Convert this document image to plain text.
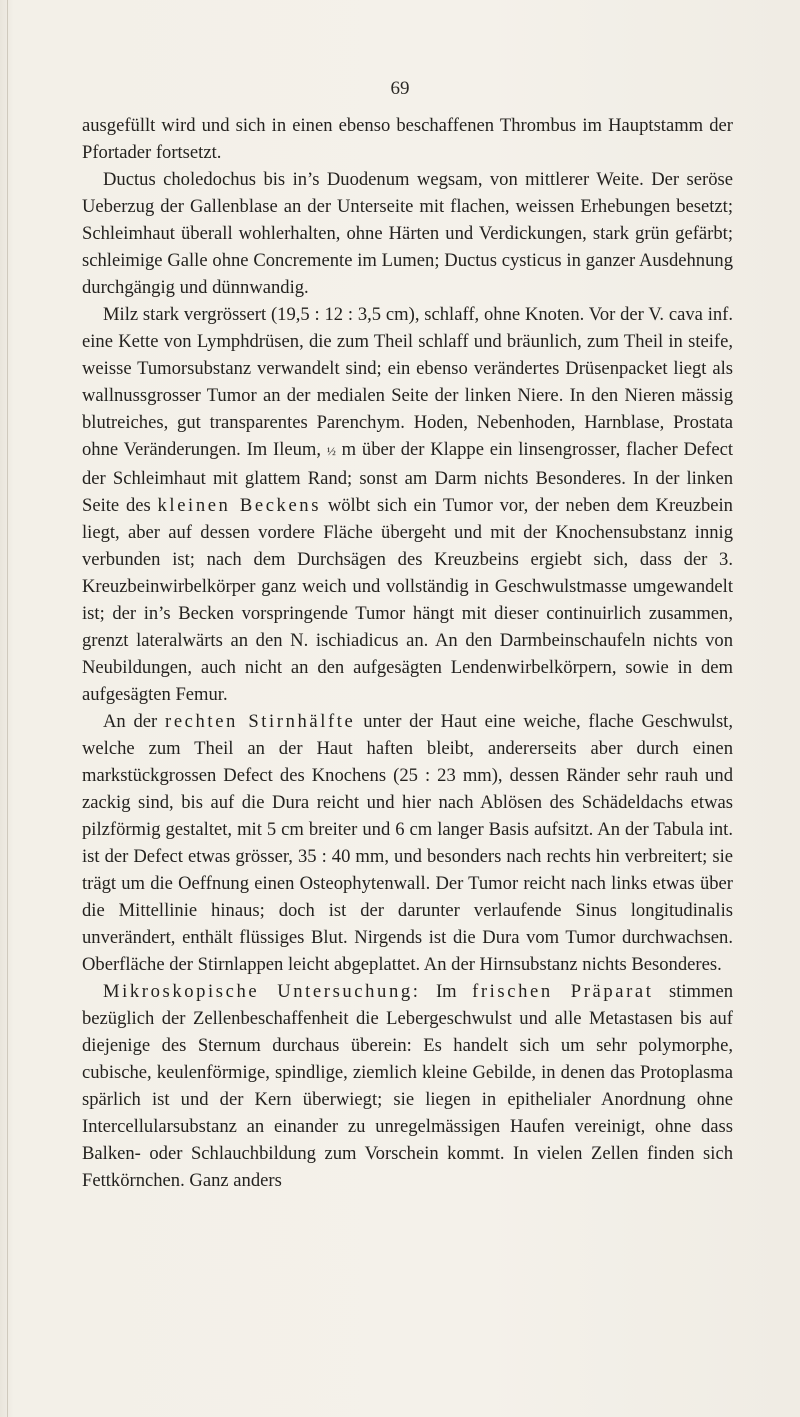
69

ausgefüllt wird und sich in einen ebenso beschaffenen Thrombus im Hauptstamm der Pfortader fortsetzt.

Ductus choledochus bis in’s Duodenum wegsam, von mittlerer Weite. Der seröse Ueberzug der Gallenblase an der Unterseite mit flachen, weissen Erhebungen besetzt; Schleimhaut überall wohlerhalten, ohne Härten und Verdickungen, stark grün gefärbt; schleimige Galle ohne Concremente im Lumen; Ductus cysticus in ganzer Ausdehnung durchgängig und dünnwandig.

Milz stark vergrössert (19,5 : 12 : 3,5 cm), schlaff, ohne Knoten. Vor der V. cava inf. eine Kette von Lymphdrüsen, die zum Theil schlaff und bräunlich, zum Theil in steife, weisse Tumorsubstanz verwandelt sind; ein ebenso verändertes Drüsenpacket liegt als wallnussgrosser Tumor an der medialen Seite der linken Niere. In den Nieren mässig blutreiches, gut transparentes Parenchym. Hoden, Nebenhoden, Harnblase, Prostata ohne Veränderungen. Im Ileum, ½ m über der Klappe ein linsengrosser, flacher Defect der Schleimhaut mit glattem Rand; sonst am Darm nichts Besonderes. In der linken Seite des kleinen Beckens wölbt sich ein Tumor vor, der neben dem Kreuzbein liegt, aber auf dessen vordere Fläche übergeht und mit der Knochensubstanz innig verbunden ist; nach dem Durchsägen des Kreuzbeins ergiebt sich, dass der 3. Kreuzbeinwirbelkörper ganz weich und vollständig in Geschwulstmasse umgewandelt ist; der in’s Becken vorspringende Tumor hängt mit dieser continuirlich zusammen, grenzt lateralwärts an den N. ischiadicus an. An den Darmbeinschaufeln nichts von Neubildungen, auch nicht an den aufgesägten Lendenwirbelkörpern, sowie in dem aufgesägten Femur.

An der rechten Stirnhälfte unter der Haut eine weiche, flache Geschwulst, welche zum Theil an der Haut haften bleibt, andererseits aber durch einen markstückgrossen Defect des Knochens (25 : 23 mm), dessen Ränder sehr rauh und zackig sind, bis auf die Dura reicht und hier nach Ablösen des Schädeldachs etwas pilzförmig gestaltet, mit 5 cm breiter und 6 cm langer Basis aufsitzt. An der Tabula int. ist der Defect etwas grösser, 35 : 40 mm, und besonders nach rechts hin verbreitert; sie trägt um die Oeffnung einen Osteophytenwall. Der Tumor reicht nach links etwas über die Mittellinie hinaus; doch ist der darunter verlaufende Sinus longitudinalis unverändert, enthält flüssiges Blut. Nirgends ist die Dura vom Tumor durchwachsen. Oberfläche der Stirnlappen leicht abgeplattet. An der Hirnsubstanz nichts Besonderes.

Mikroskopische Untersuchung: Im frischen Präparat stimmen bezüglich der Zellenbeschaffenheit die Lebergeschwulst und alle Metastasen bis auf diejenige des Sternum durchaus überein: Es handelt sich um sehr polymorphe, cubische, keulenförmige, spindlige, ziemlich kleine Gebilde, in denen das Protoplasma spärlich ist und der Kern überwiegt; sie liegen in epithelialer Anordnung ohne Intercellularsubstanz an einander zu unregelmässigen Haufen vereinigt, ohne dass Balken- oder Schlauchbildung zum Vorschein kommt. In vielen Zellen finden sich Fettkörnchen. Ganz anders
